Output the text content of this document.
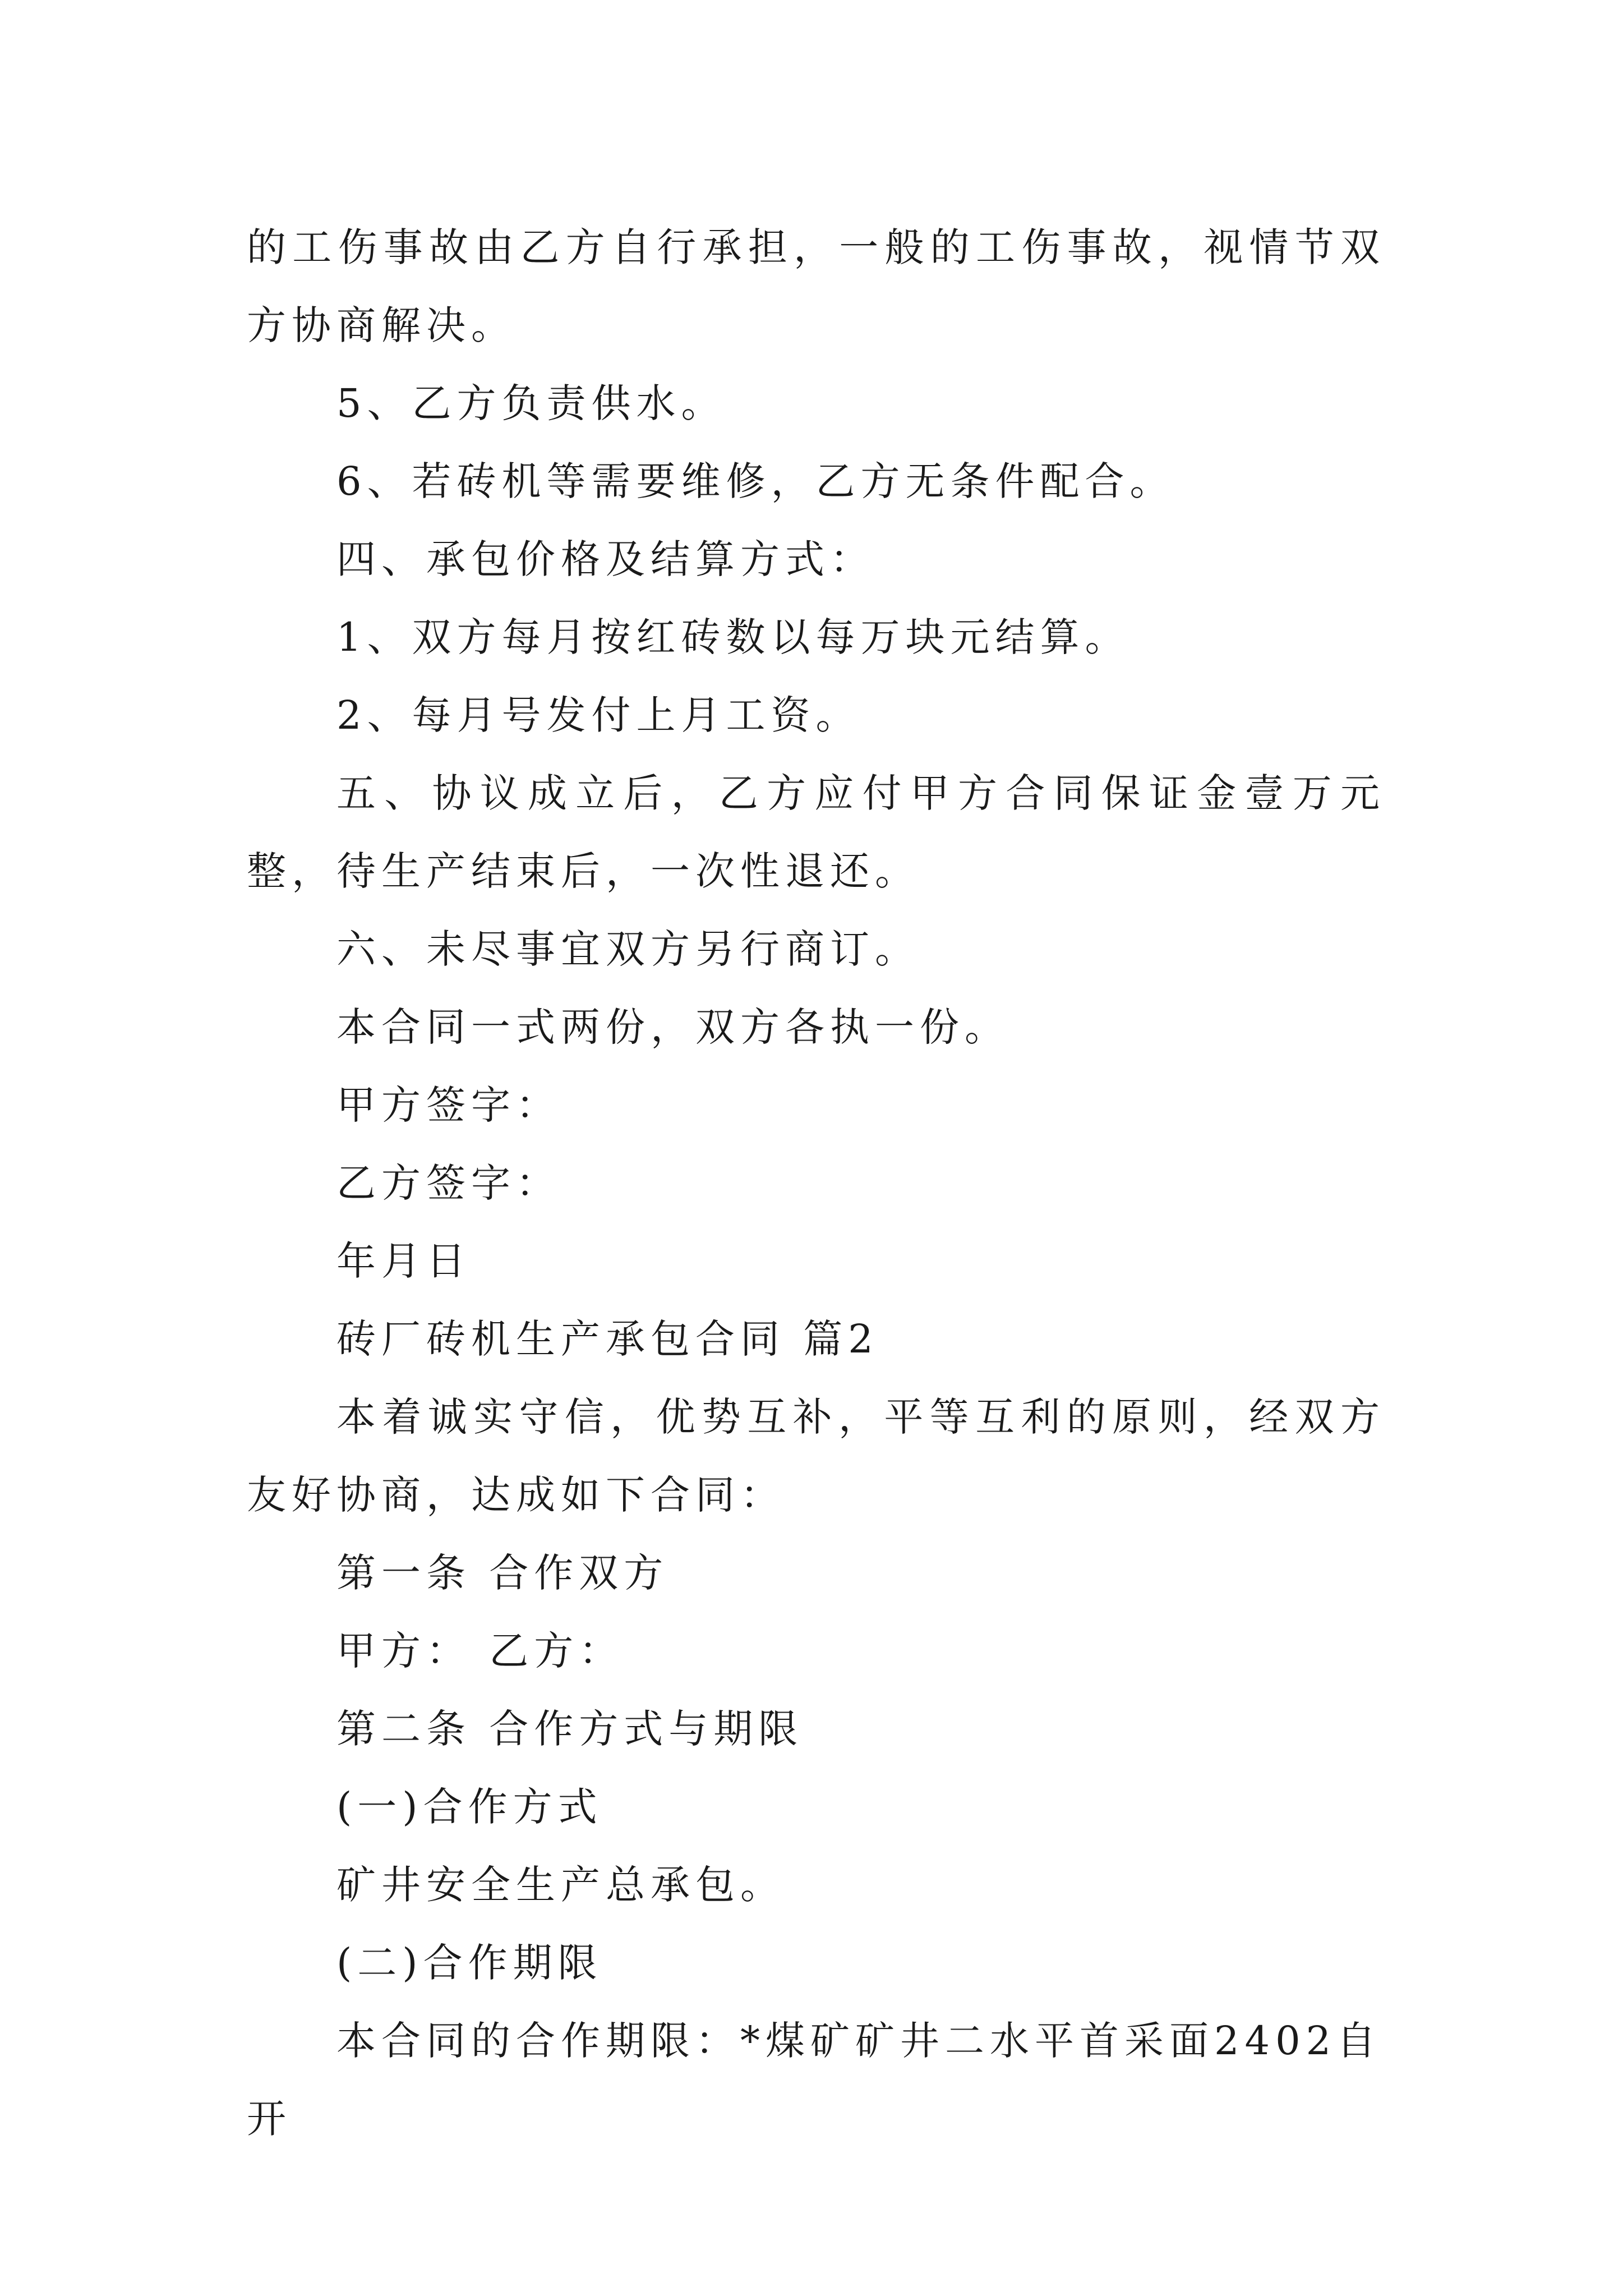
的工伤事故由乙方自行承担，一般的工伤事故，视情节双方协商解决。

5、乙方负责供水。

6、若砖机等需要维修，乙方无条件配合。

四、承包价格及结算方式：

1、双方每月按红砖数以每万块元结算。

2、每月号发付上月工资。

五、协议成立后，乙方应付甲方合同保证金壹万元整，待生产结束后，一次性退还。

六、未尽事宜双方另行商订。

本合同一式两份，双方各执一份。

甲方签字：

乙方签字：

年月日

砖厂砖机生产承包合同 篇2

本着诚实守信，优势互补，平等互利的原则，经双方友好协商，达成如下合同：

第一条 合作双方

甲方： 乙方：

第二条 合作方式与期限

(一)合作方式

矿井安全生产总承包。

(二)合作期限

本合同的合作期限：*煤矿矿井二水平首采面2402自开
